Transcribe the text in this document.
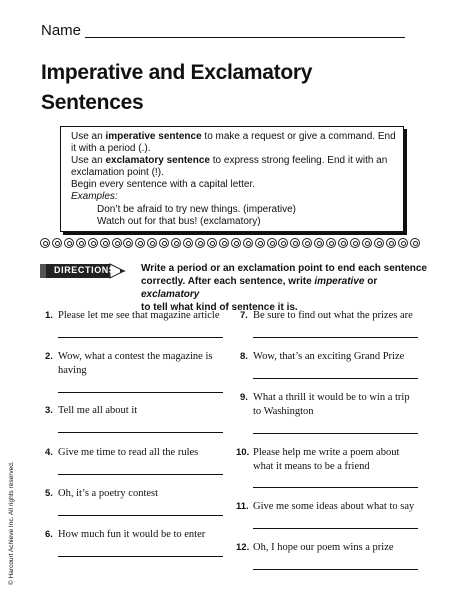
Name
Imperative and Exclamatory
Sentences
Use an imperative sentence to make a request or give a command. End
it with a period (.).
Use an exclamatory sentence to express strong feeling. End it with an
exclamation point (!).
Begin every sentence with a capital letter.
Examples:
Don’t be afraid to try new things. (imperative)
Watch out for that bus! (exclamatory)
DIRECTIONS	Write a period or an exclamation point to end each sentence
correctly. After each sentence, write imperative or exclamatory
to tell what kind of sentence it is.
1. Please let me see that magazine article
2. Wow, what a contest the magazine is
having
3. Tell me all about it
4. Give me time to read all the rules
5. Oh, it’s a poetry contest
6. How much fun it would be to enter
7. Be sure to find out what the prizes are
8. Wow, that’s an exciting Grand Prize
9. What a thrill it would be to win a trip
to Washington
10. Please help me write a poem about
what it means to be a friend
11. Give me some ideas about what to say
12. Oh, I hope our poem wins a prize
© Harcourt Achieve Inc. All rights reserved.
